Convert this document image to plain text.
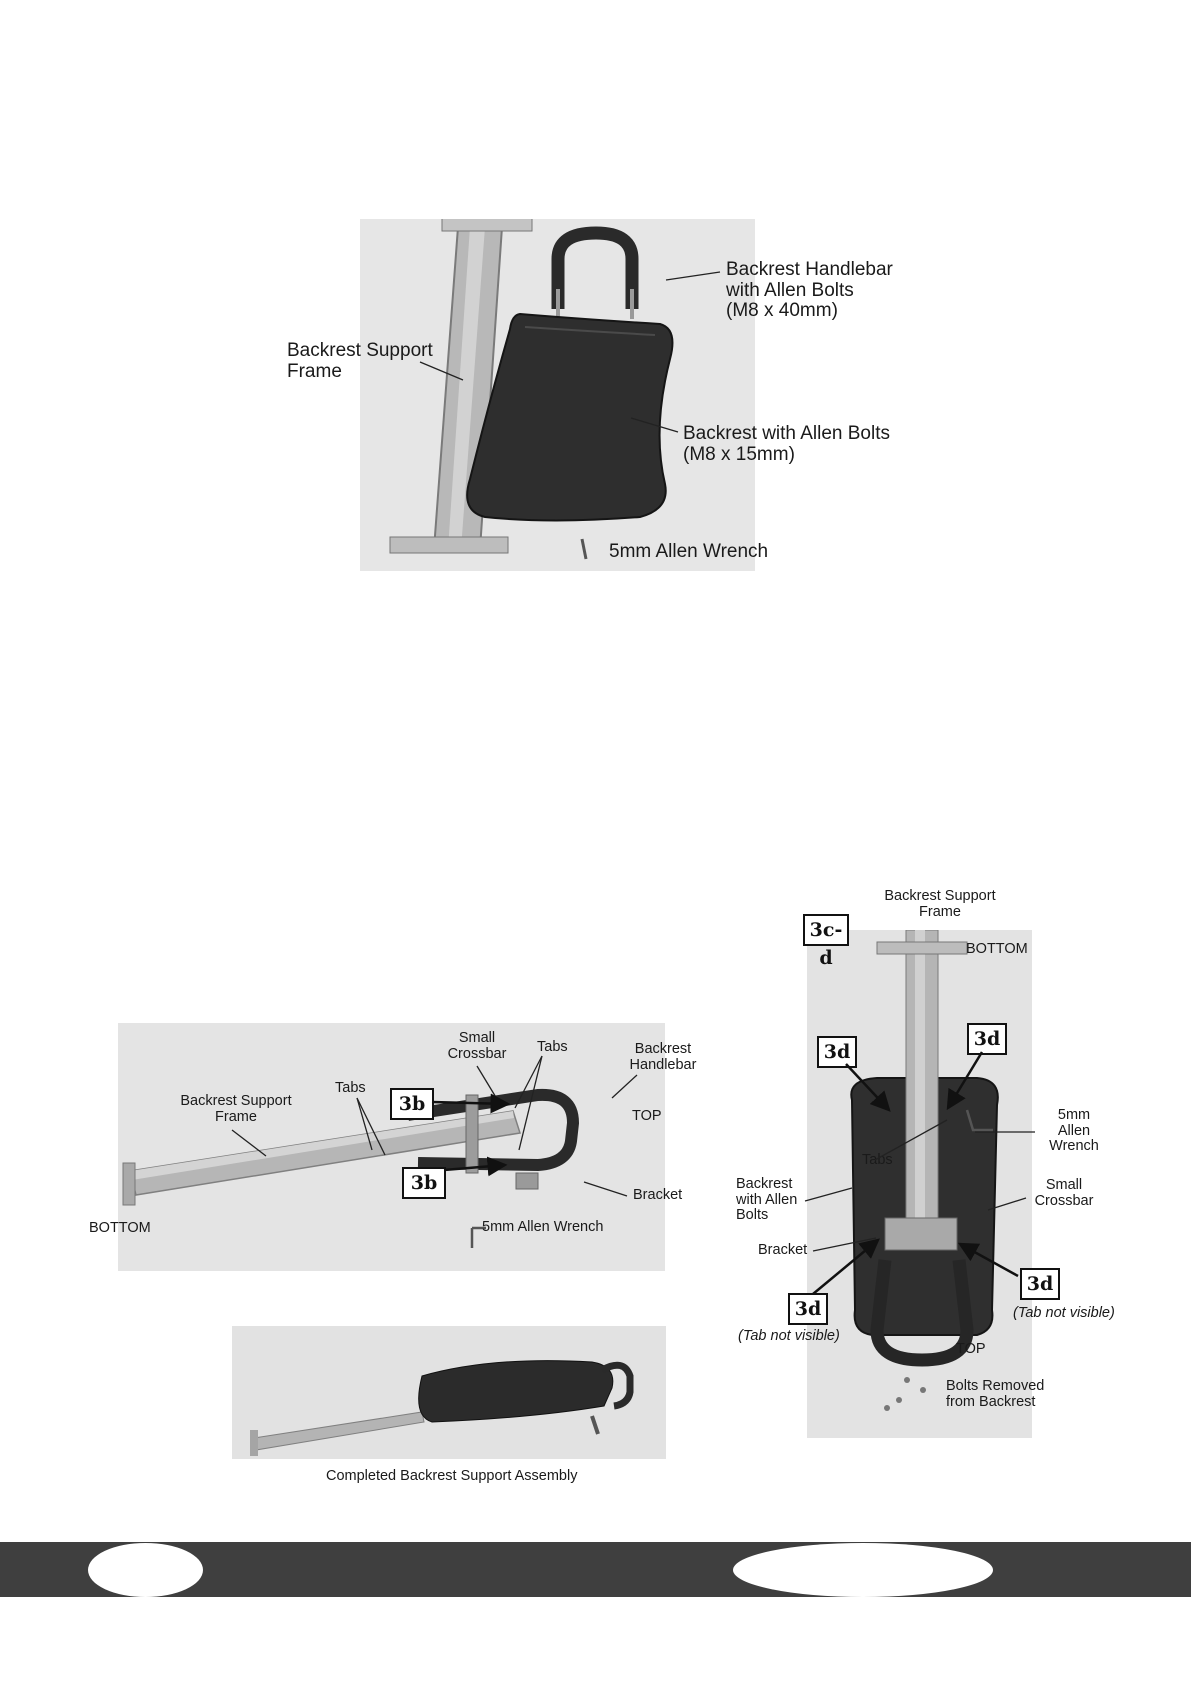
Backrest Handlebar
with Allen Bolts
(M8 x 40mm)
Backrest Support
Frame
Backrest with Allen Bolts
(M8 x 15mm)
5mm Allen Wrench
Small
Crossbar Tabs	Backrest
Handlebar
Tabs
Backrest Support
Frame	TOP
Bracket
BOTTOM	5mm Allen Wrench
3b
3b
Completed Backrest Support Assembly
Backrest Support
Frame
BOTTOM
5mm
Allen
Wrench
Tabs
Backrest
with Allen
Bolts
Small
Crossbar
Bracket
(Tab not visible)
(Tab not visible)
TOP
Bolts Removed
from Backrest
3c-d
3d
3d
3d
3d
